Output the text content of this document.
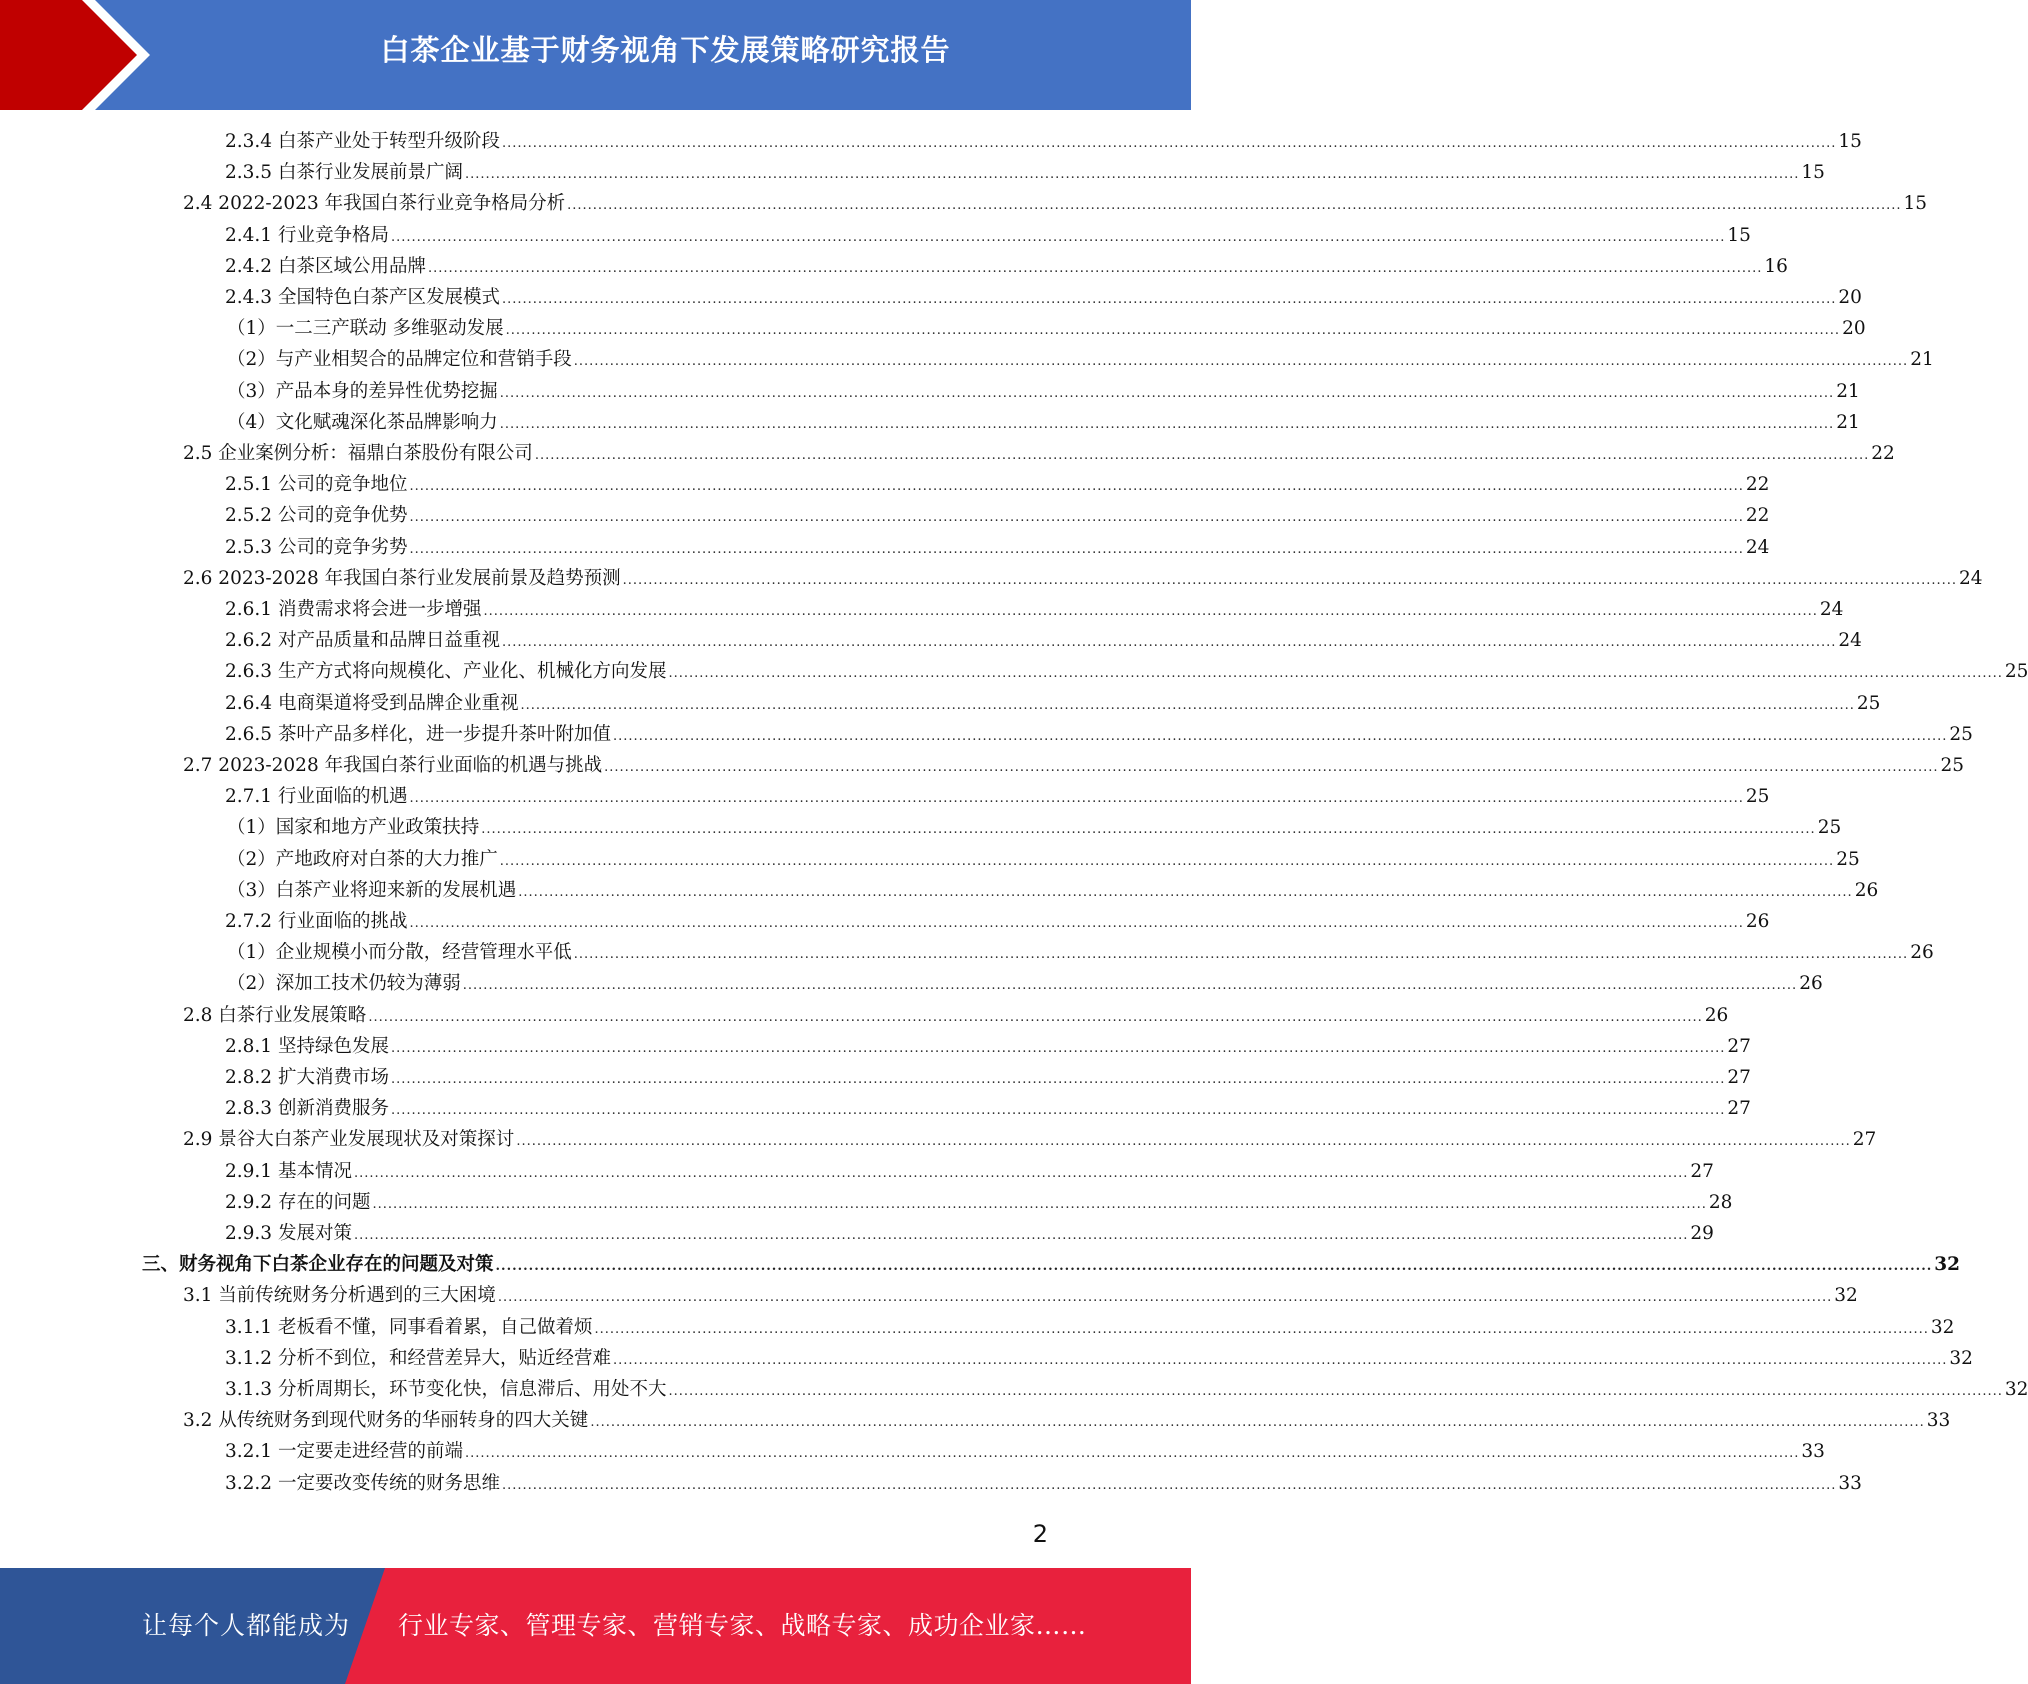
白茶企业基于财务视角下发展策略研究报告
2.3.4 白茶产业处于转型升级阶段 .................................................................................................................................................................................................................................................................... 15
2.3.5 白茶行业发展前景广阔 .................................................................................................................................................................................................................................................................... 15
2.4 2022-2023 年我国白茶行业竞争格局分析 .................................................................................................................................................................................................................................................................... 15
2.4.1 行业竞争格局 .................................................................................................................................................................................................................................................................... 15
2.4.2 白茶区域公用品牌 .................................................................................................................................................................................................................................................................... 16
2.4.3 全国特色白茶产区发展模式 .................................................................................................................................................................................................................................................................... 20
（1）一二三产联动 多维驱动发展 .................................................................................................................................................................................................................................................................... 20
（2）与产业相契合的品牌定位和营销手段 .................................................................................................................................................................................................................................................................... 21
（3）产品本身的差异性优势挖掘 .................................................................................................................................................................................................................................................................... 21
（4）文化赋魂深化茶品牌影响力 .................................................................................................................................................................................................................................................................... 21
2.5 企业案例分析：福鼎白茶股份有限公司 .................................................................................................................................................................................................................................................................... 22
2.5.1 公司的竞争地位 .................................................................................................................................................................................................................................................................... 22
2.5.2 公司的竞争优势 .................................................................................................................................................................................................................................................................... 22
2.5.3 公司的竞争劣势 .................................................................................................................................................................................................................................................................... 24
2.6 2023-2028 年我国白茶行业发展前景及趋势预测 .................................................................................................................................................................................................................................................................... 24
2.6.1 消费需求将会进一步增强 .................................................................................................................................................................................................................................................................... 24
2.6.2 对产品质量和品牌日益重视 .................................................................................................................................................................................................................................................................... 24
2.6.3 生产方式将向规模化、产业化、机械化方向发展 .................................................................................................................................................................................................................................................................... 25
2.6.4 电商渠道将受到品牌企业重视 .................................................................................................................................................................................................................................................................... 25
2.6.5 茶叶产品多样化，进一步提升茶叶附加值 .................................................................................................................................................................................................................................................................... 25
2.7 2023-2028 年我国白茶行业面临的机遇与挑战 .................................................................................................................................................................................................................................................................... 25
2.7.1 行业面临的机遇 .................................................................................................................................................................................................................................................................... 25
（1）国家和地方产业政策扶持 .................................................................................................................................................................................................................................................................... 25
（2）产地政府对白茶的大力推广 .................................................................................................................................................................................................................................................................... 25
（3）白茶产业将迎来新的发展机遇 .................................................................................................................................................................................................................................................................... 26
2.7.2 行业面临的挑战 .................................................................................................................................................................................................................................................................... 26
（1）企业规模小而分散，经营管理水平低 .................................................................................................................................................................................................................................................................... 26
（2）深加工技术仍较为薄弱 .................................................................................................................................................................................................................................................................... 26
2.8 白茶行业发展策略 .................................................................................................................................................................................................................................................................... 26
2.8.1 坚持绿色发展 .................................................................................................................................................................................................................................................................... 27
2.8.2 扩大消费市场 .................................................................................................................................................................................................................................................................... 27
2.8.3 创新消费服务 .................................................................................................................................................................................................................................................................... 27
2.9 景谷大白茶产业发展现状及对策探讨 .................................................................................................................................................................................................................................................................... 27
2.9.1 基本情况 .................................................................................................................................................................................................................................................................... 27
2.9.2 存在的问题 .................................................................................................................................................................................................................................................................... 28
2.9.3 发展对策 .................................................................................................................................................................................................................................................................... 29
三、财务视角下白茶企业存在的问题及对策 .................................................................................................................................................................................................................................................................... 32
3.1 当前传统财务分析遇到的三大困境 .................................................................................................................................................................................................................................................................... 32
3.1.1 老板看不懂，同事看着累，自己做着烦 .................................................................................................................................................................................................................................................................... 32
3.1.2 分析不到位，和经营差异大，贴近经营难 .................................................................................................................................................................................................................................................................... 32
3.1.3 分析周期长，环节变化快，信息滞后、用处不大 .................................................................................................................................................................................................................................................................... 32
3.2 从传统财务到现代财务的华丽转身的四大关键 .................................................................................................................................................................................................................................................................... 33
3.2.1 一定要走进经营的前端 .................................................................................................................................................................................................................................................................... 33
3.2.2 一定要改变传统的财务思维 .................................................................................................................................................................................................................................................................... 33
2
让每个人都能成为 行业专家、管理专家、营销专家、战略专家、成功企业家……
